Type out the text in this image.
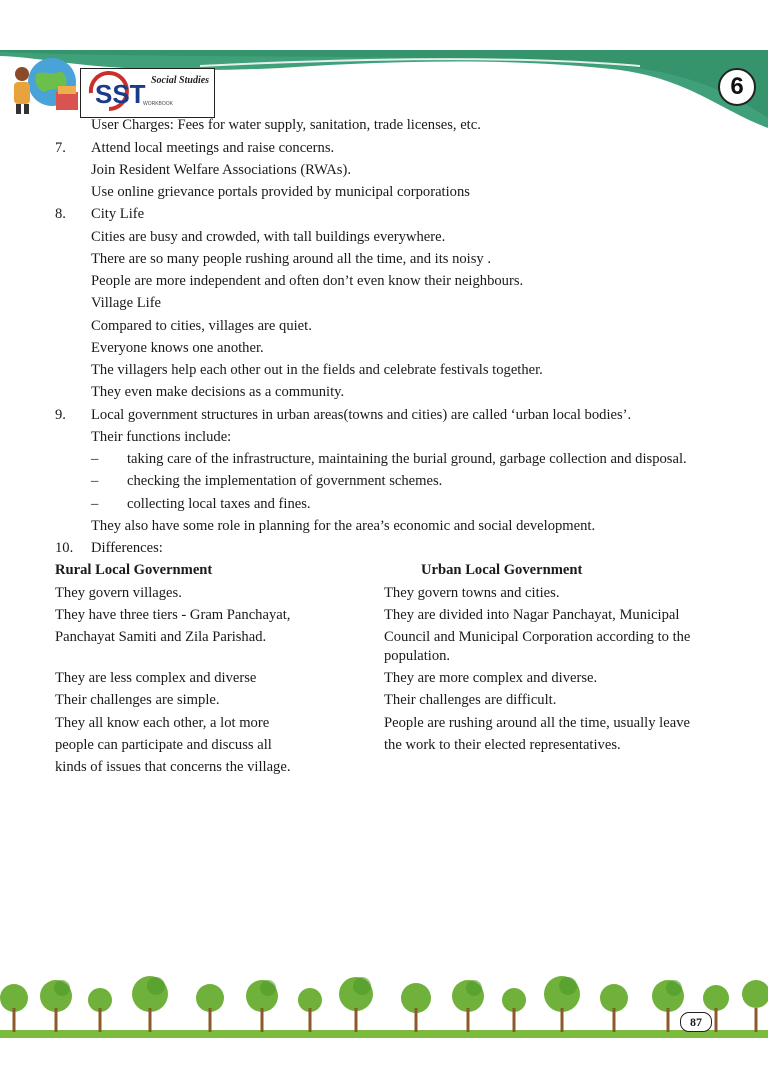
SST Social Studies
WORKBOOK
6
User Charges: Fees for water supply, sanitation, trade licenses, etc.
7. Attend local meetings and raise concerns.
Join Resident Welfare Associations (RWAs).
Use online grievance portals provided by municipal corporations
8. City Life
Cities are busy and crowded, with tall buildings everywhere.
There are so many people rushing around all the time, and its noisy .
People are more independent and often don’t even know their neighbours.
Village Life
Compared to cities, villages are quiet.
Everyone knows one another.
The villagers help each other out in the fields and celebrate festivals together.
They even make decisions as a community.
9. Local government structures in urban areas(towns and cities) are called ‘urban local bodies’.
Their functions include:
– taking care of the infrastructure, maintaining the burial ground, garbage collection and disposal.
– checking the implementation of government schemes.
– collecting local taxes and fines.
They also have some role in planning for the area’s economic and social development.
10. Differences:
Rural Local Government	Urban Local Government
They govern villages.
They have three tiers - Gram Panchayat,
Panchayat Samiti and Zila Parishad.
They are less complex and diverse
Their challenges are simple.
They all know each other, a lot more
people can participate and discuss all
kinds of issues that concerns the village.
They govern towns and cities.
They are divided into Nagar Panchayat, Municipal
Council and Municipal Corporation according to the
population.
They are more complex and diverse.
Their challenges are difficult.
People are rushing around all the time, usually leave
the work to their elected representatives.
87
